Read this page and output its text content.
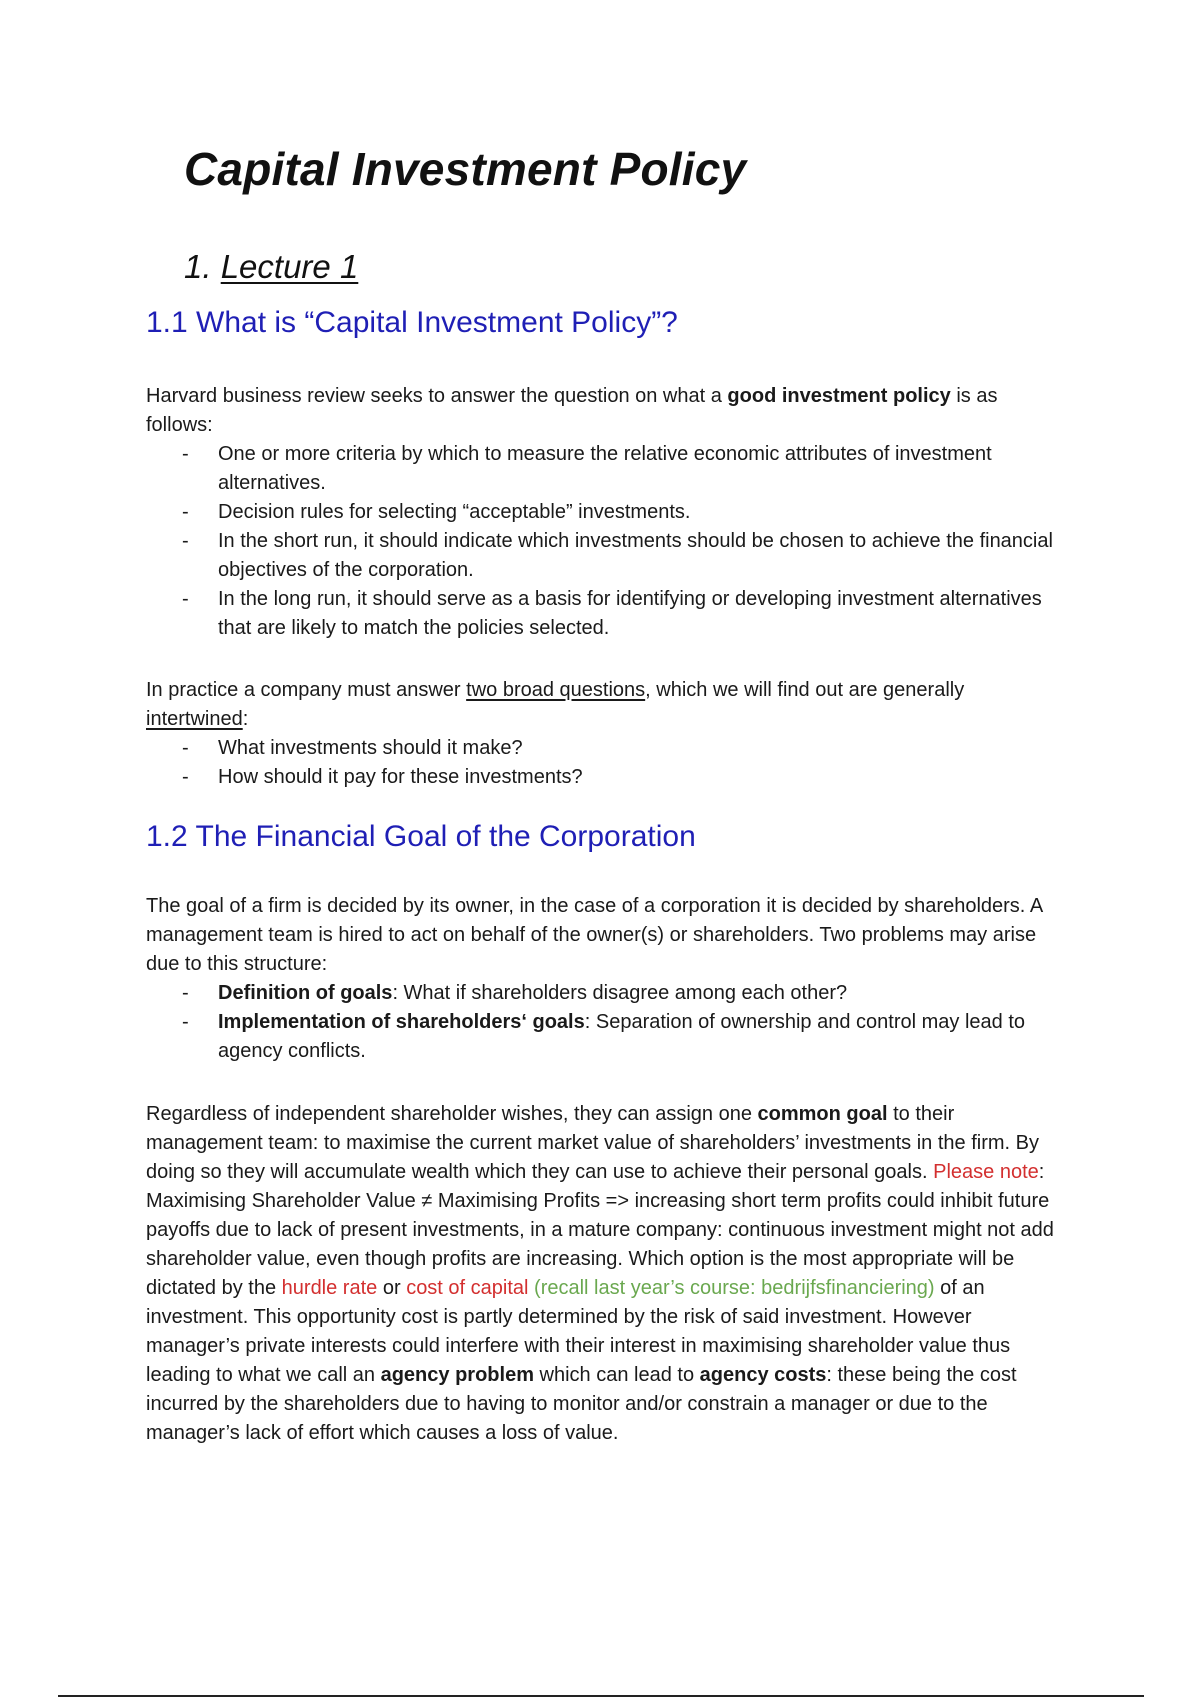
Capital Investment Policy
1. Lecture 1
1.1 What is “Capital Investment Policy”?

Harvard business review seeks to answer the question on what a good investment policy is as follows:

- One or more criteria by which to measure the relative economic attributes of investment alternatives.
- Decision rules for selecting “acceptable” investments.
- In the short run, it should indicate which investments should be chosen to achieve the financial objectives of the corporation.
- In the long run, it should serve as a basis for identifying or developing investment alternatives that are likely to match the policies selected.

In practice a company must answer two broad questions, which we will find out are generally intertwined:

- What investments should it make?
- How should it pay for these investments?
1.2 The Financial Goal of the Corporation

The goal of a firm is decided by its owner, in the case of a corporation it is decided by shareholders. A management team is hired to act on behalf of the owner(s) or shareholders. Two problems may arise due to this structure:

- Definition of goals: What if shareholders disagree among each other?
- Implementation of shareholders‘ goals: Separation of ownership and control may lead to agency conflicts.

Regardless of independent shareholder wishes, they can assign one common goal to their management team: to maximise the current market value of shareholders’ investments in the firm. By doing so they will accumulate wealth which they can use to achieve their personal goals. Please note: Maximising Shareholder Value ≠ Maximising Profits => increasing short term profits could inhibit future payoffs due to lack of present investments, in a mature company: continuous investment might not add shareholder value, even though profits are increasing. Which option is the most appropriate will be dictated by the hurdle rate or cost of capital (recall last year’s course: bedrijfsfinanciering) of an investment. This opportunity cost is partly determined by the risk of said investment. However manager’s private interests could interfere with their interest in maximising shareholder value thus leading to what we call an agency problem which can lead to agency costs: these being the cost incurred by the shareholders due to having to monitor and/or constrain a manager or due to the manager’s lack of effort which causes a loss of value.
